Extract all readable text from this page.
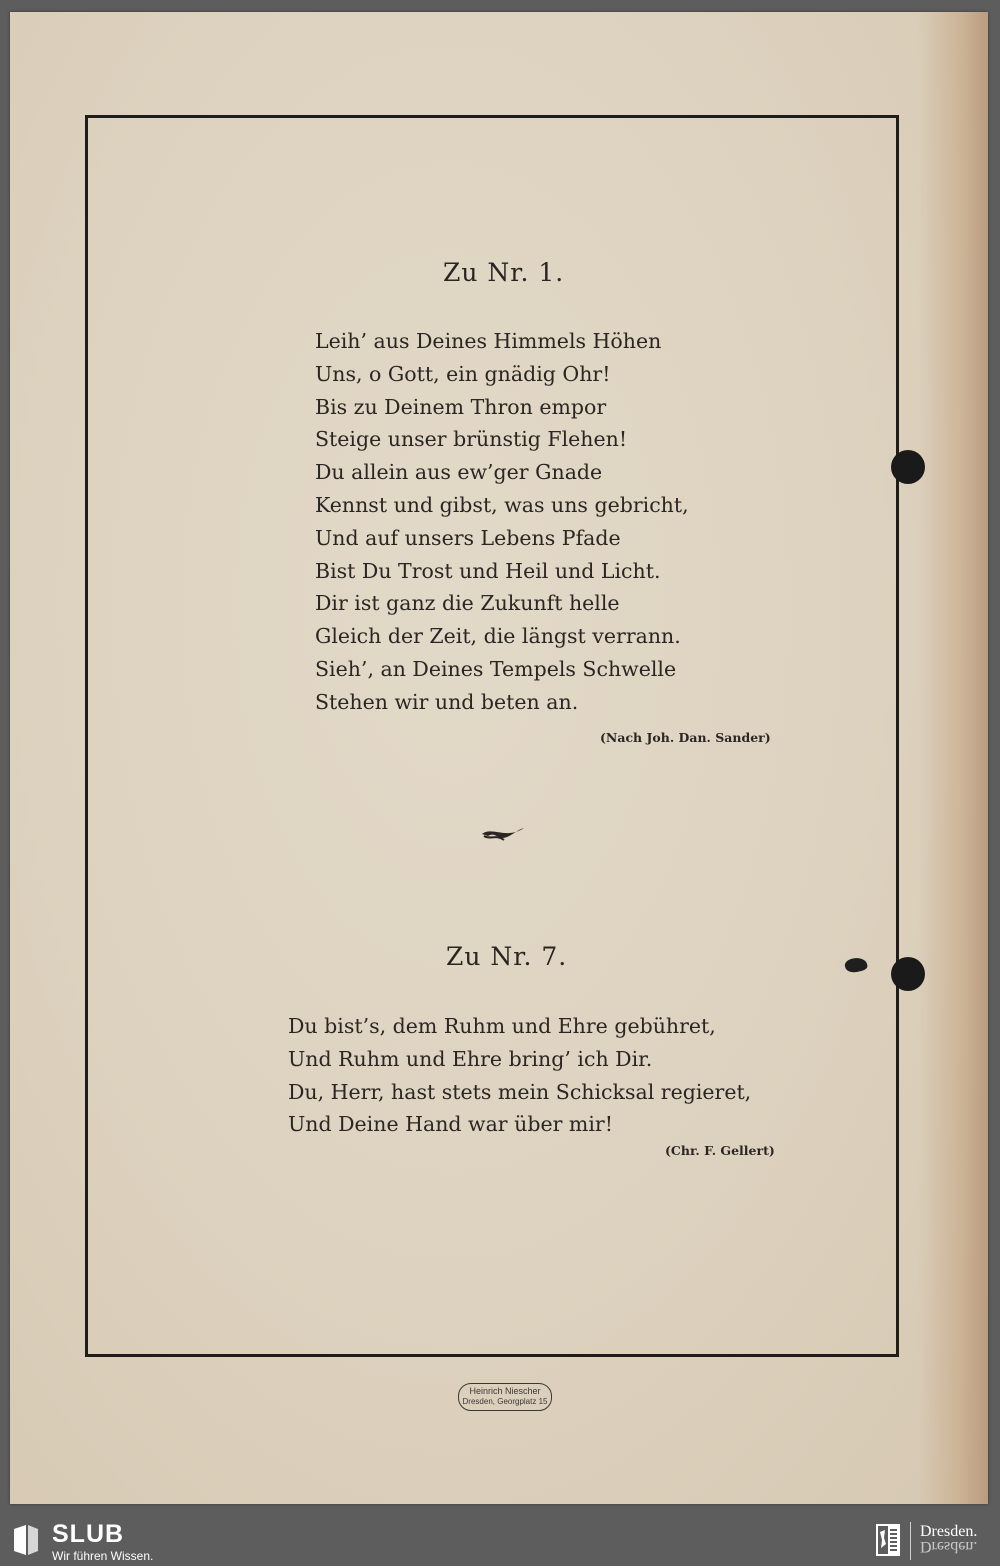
Zu Nr. 1.
Leih’ aus Deines Himmels Höhen
Uns, o Gott, ein gnädig Ohr!
Bis zu Deinem Thron empor
Steige unser brünstig Flehen!
Du allein aus ew’ger Gnade
Kennst und gibst, was uns gebricht,
Und auf unsers Lebens Pfade
Bist Du Trost und Heil und Licht.
Dir ist ganz die Zukunft helle
Gleich der Zeit, die längst verrann.
Sieh’, an Deines Tempels Schwelle
Stehen wir und beten an.
(Nach Joh. Dan. Sander)
Zu Nr. 7.
Du bist’s, dem Ruhm und Ehre gebühret,
Und Ruhm und Ehre bring’ ich Dir.
Du, Herr, hast stets mein Schicksal regieret,
Und Deine Hand war über mir!
(Chr. F. Gellert)
Heinrich Niescher
Dresden, Georgplatz 15
SLUB
Wir führen Wissen.
Dresden.
Dresden.
